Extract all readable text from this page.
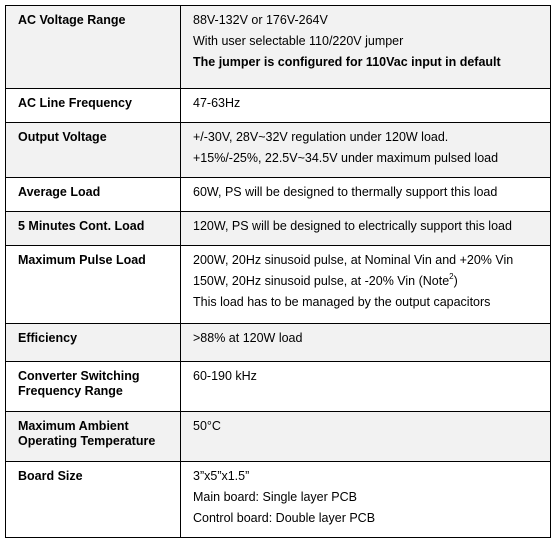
AC Voltage Range	88V-132V or 176V-264V
With user selectable 110/220V jumper
The jumper is configured for 110Vac input in default

AC Line Frequency	47-63Hz

Output Voltage	+/-30V, 28V~32V regulation under 120W load.
+15%/-25%, 22.5V~34.5V under maximum pulsed load

Average Load	60W, PS will be designed to thermally support this load

5 Minutes Cont. Load	120W, PS will be designed to electrically support this load

Maximum Pulse Load	200W, 20Hz sinusoid pulse, at Nominal Vin and +20% Vin
150W, 20Hz sinusoid pulse, at -20% Vin (Note$^2$)
This load has to be managed by the output capacitors

Efficiency	>88% at 120W load

Converter Switching
Frequency Range	60-190 kHz

Maximum Ambient
Operating Temperature	50°C

Board Size	3”x5”x1.5”
Main board: Single layer PCB
Control board: Double layer PCB
